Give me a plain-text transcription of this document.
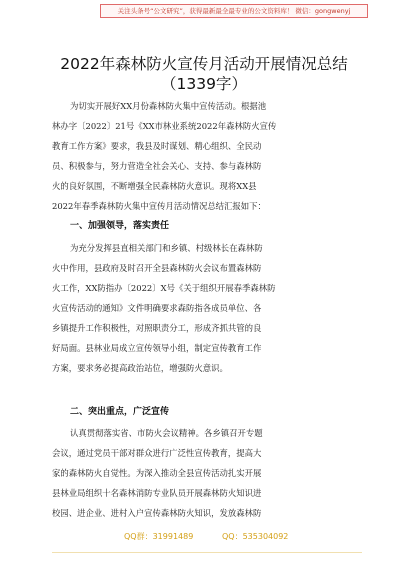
关注头条号“公文研究”，获得最新最全最专业的公文资料库！ 微信：gongwenyj
2022年森林防火宣传月活动开展情况总结
（1339字）
为切实开展好XX月份森林防火集中宣传活动。根据池
林办字〔2022〕21号《XX市林业系统2022年森林防火宣传
教育工作方案》要求，我县及时谋划、精心组织、全民动
员、积极参与，努力营造全社会关心、支持、参与森林防
火的良好氛围，不断增强全民森林防火意识。现将XX县
2022年春季森林防火集中宣传月活动情况总结汇报如下：
一、加强领导，落实责任
为充分发挥县直相关部门和乡镇、村级林长在森林防
火中作用，县政府及时召开全县森林防火会议布置森林防
火工作，XX防指办〔2022〕X号《关于组织开展春季森林防
火宣传活动的通知》文件明确要求森防指各成员单位、各
乡镇提升工作积极性，对照职责分工，形成齐抓共管的良
好局面。县林业局成立宣传领导小组，制定宣传教育工作
方案，要求务必提高政治站位，增强防火意识。
二、突出重点，广泛宣传
认真贯彻落实省、市防火会议精神。各乡镇召开专题
会议，通过党员干部对群众进行广泛性宣传教育，提高大
家的森林防火自觉性。为深入推动全县宣传活动扎实开展
县林业局组织十名森林消防专业队员开展森林防火知识进
校园、进企业、进村入户宣传森林防火知识，发放森林防
QQ群：31991489	QQ：535304092
